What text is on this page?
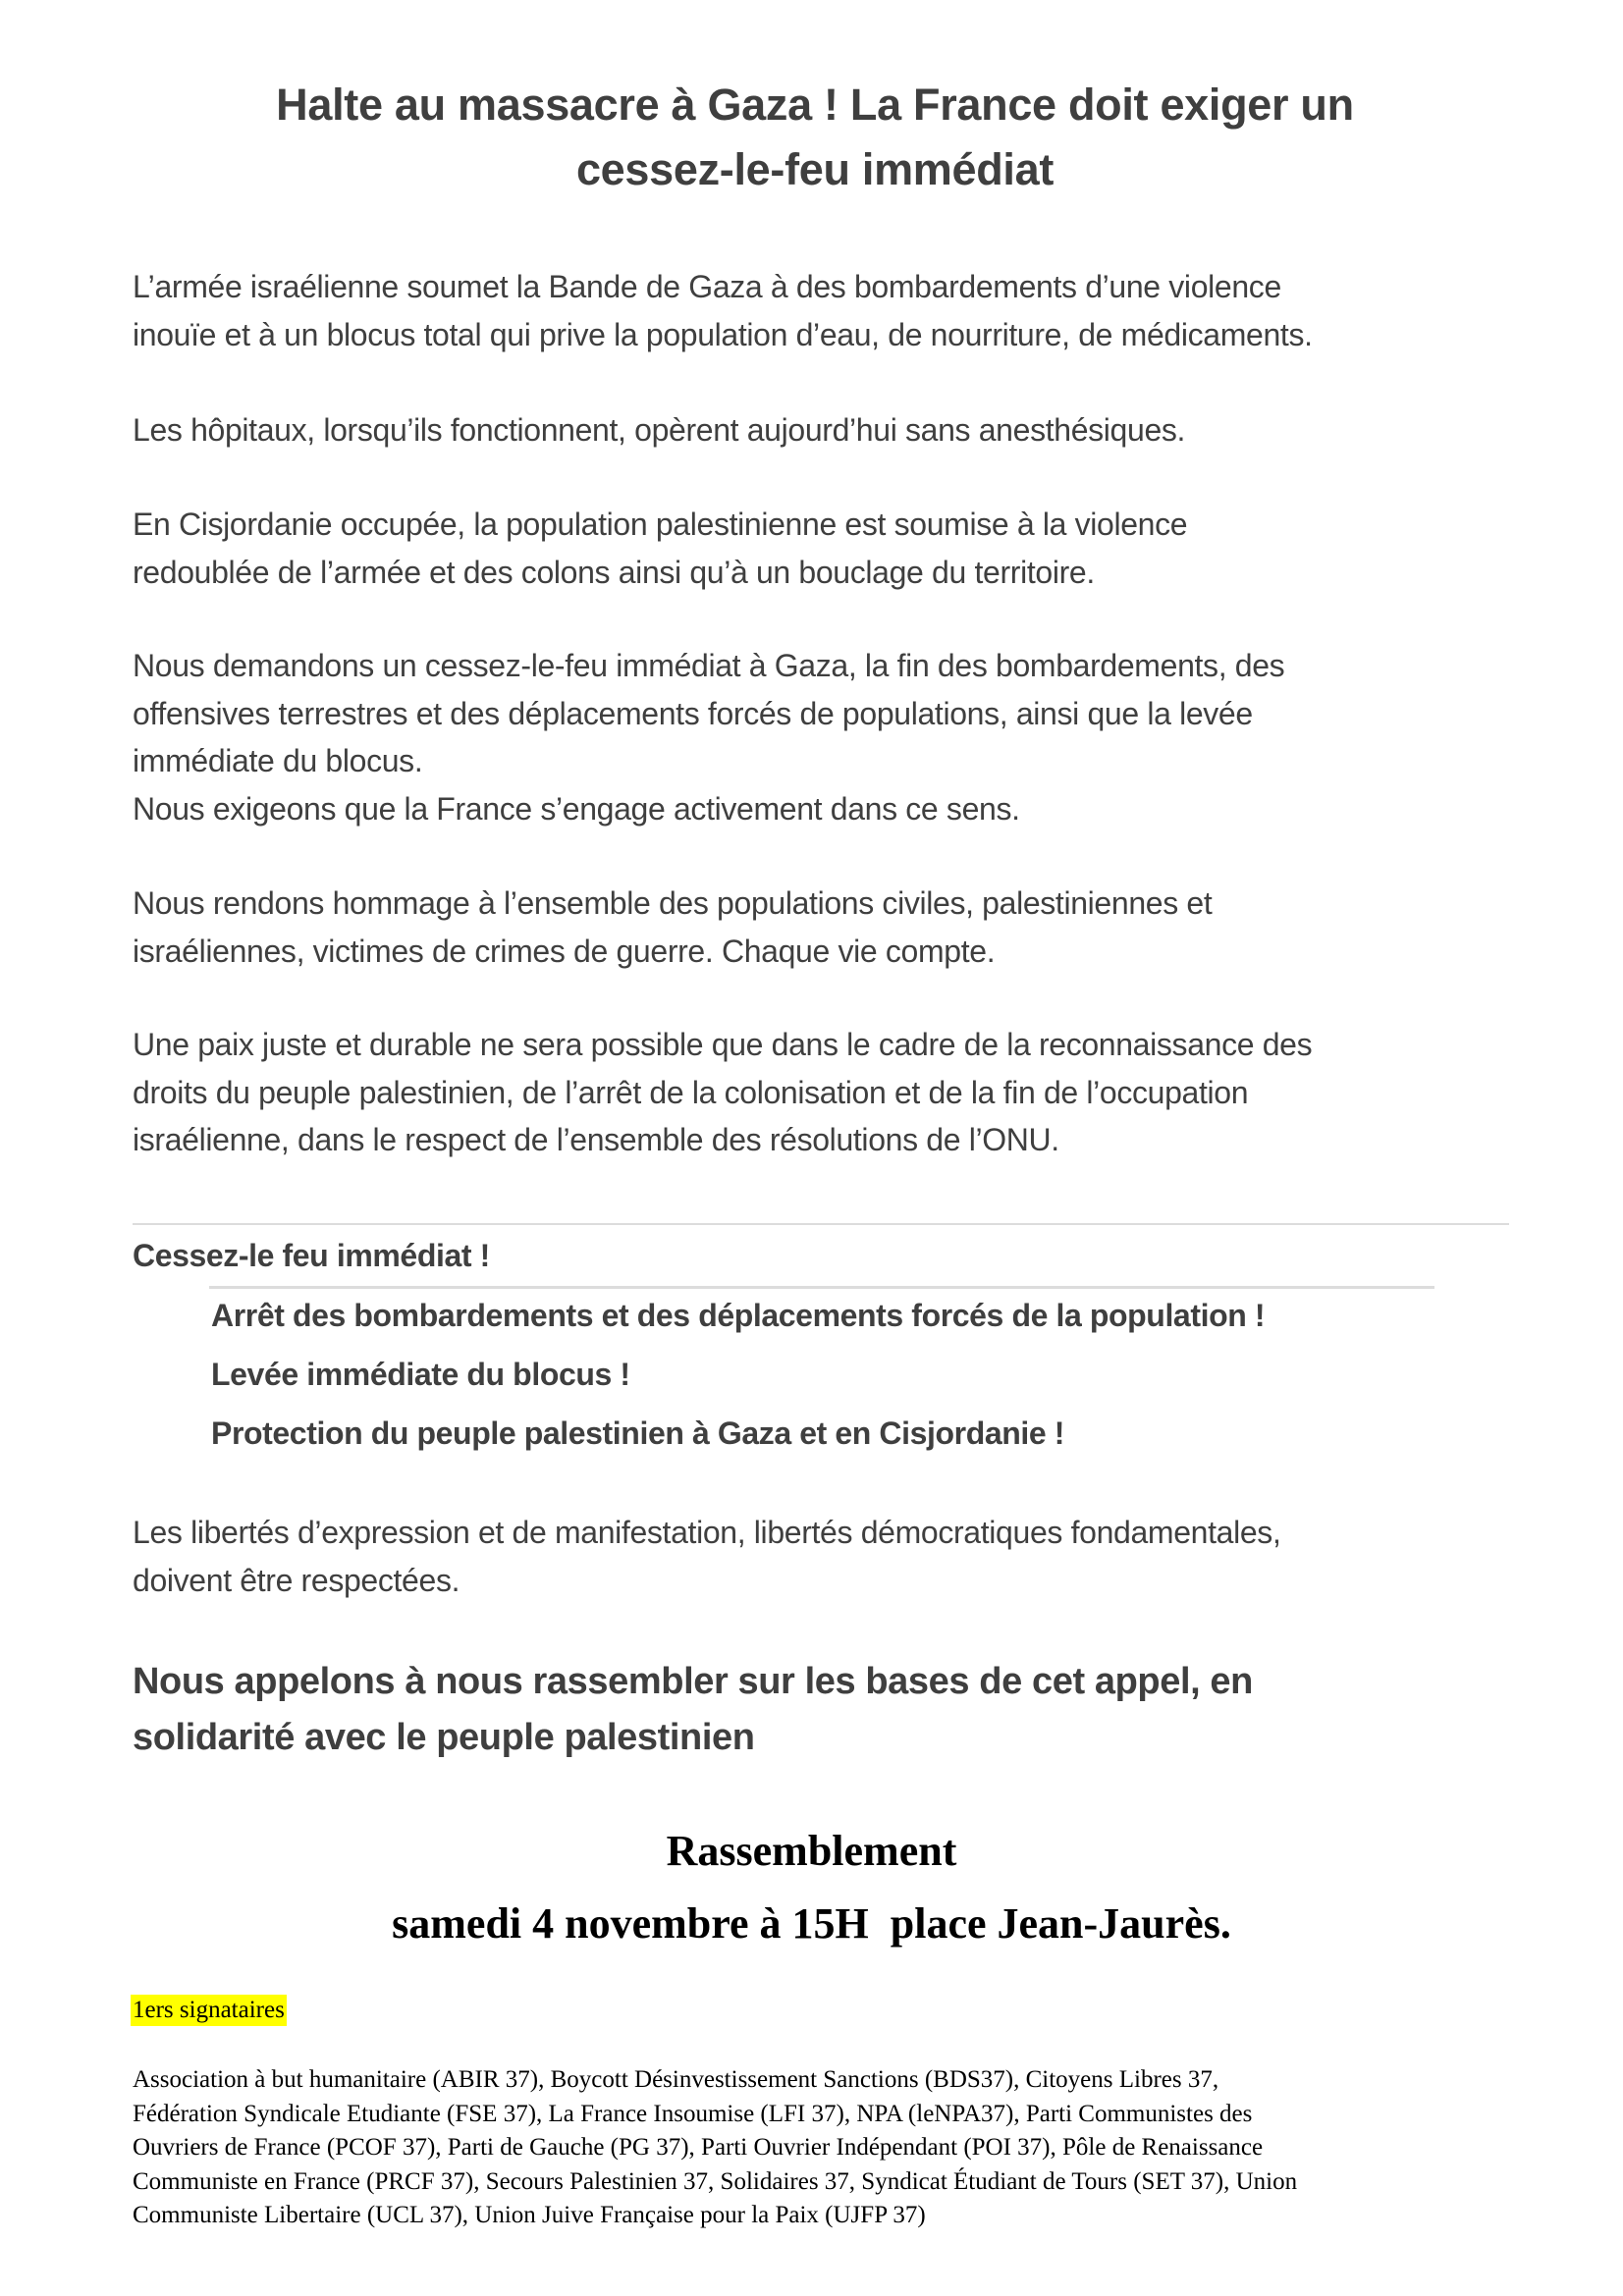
Halte au massacre à Gaza ! La France doit exiger un
cessez-le-feu immédiat
L’armée israélienne soumet la Bande de Gaza à des bombardements d’une violence
inouïe et à un blocus total qui prive la population d’eau, de nourriture, de médicaments.
Les hôpitaux, lorsqu’ils fonctionnent, opèrent aujourd’hui sans anesthésiques.
En Cisjordanie occupée, la population palestinienne est soumise à la violence
redoublée de l’armée et des colons ainsi qu’à un bouclage du territoire.
Nous demandons un cessez-le-feu immédiat à Gaza, la fin des bombardements, des
offensives terrestres et des déplacements forcés de populations, ainsi que la levée
immédiate du blocus.
Nous exigeons que la France s’engage activement dans ce sens.
Nous rendons hommage à l’ensemble des populations civiles, palestiniennes et
israéliennes, victimes de crimes de guerre. Chaque vie compte.
Une paix juste et durable ne sera possible que dans le cadre de la reconnaissance des
droits du peuple palestinien, de l’arrêt de la colonisation et de la fin de l’occupation
israélienne, dans le respect de l’ensemble des résolutions de l’ONU.
Cessez-le feu immédiat !
Arrêt des bombardements et des déplacements forcés de la population !
Levée immédiate du blocus !
Protection du peuple palestinien à Gaza et en Cisjordanie !
Les libertés d’expression et de manifestation, libertés démocratiques fondamentales,
doivent être respectées.
Nous appelons à nous rassembler sur les bases de cet appel, en
solidarité avec le peuple palestinien
Rassemblement
samedi 4 novembre à 15H  place Jean-Jaurès.
1ers signataires
Association à but humanitaire (ABIR 37), Boycott Désinvestissement Sanctions (BDS37), Citoyens Libres 37,
Fédération Syndicale Etudiante (FSE 37), La France Insoumise (LFI 37), NPA (leNPA37), Parti Communistes des
Ouvriers de France (PCOF 37), Parti de Gauche (PG 37), Parti Ouvrier Indépendant (POI 37), Pôle de Renaissance
Communiste en France (PRCF 37), Secours Palestinien 37, Solidaires 37, Syndicat Étudiant de Tours (SET 37), Union
Communiste Libertaire (UCL 37), Union Juive Française pour la Paix (UJFP 37)
